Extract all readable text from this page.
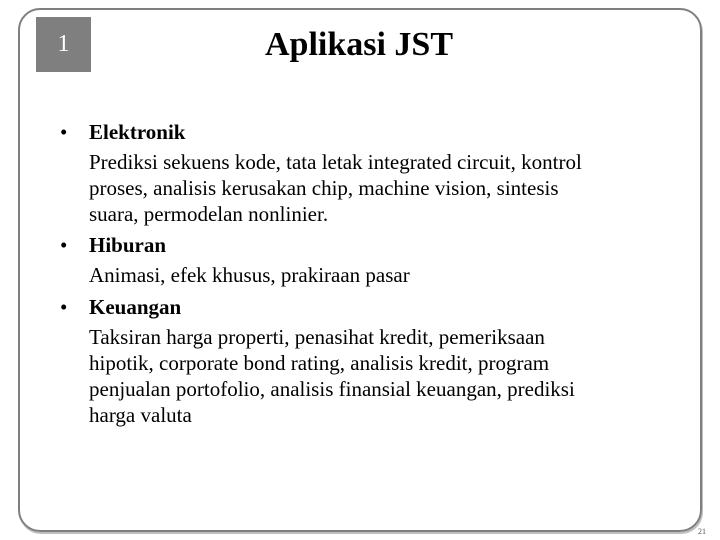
1	Aplikasi JST
• Elektronik
Prediksi sekuens kode, tata letak integrated circuit, kontrol
proses, analisis kerusakan chip, machine vision, sintesis
suara, permodelan nonlinier.
• Hiburan
Animasi, efek khusus, prakiraan pasar
• Keuangan
Taksiran harga properti, penasihat kredit, pemeriksaan
hipotik, corporate bond rating, analisis kredit, program
penjualan portofolio, analisis finansial keuangan, prediksi
harga valuta
21
